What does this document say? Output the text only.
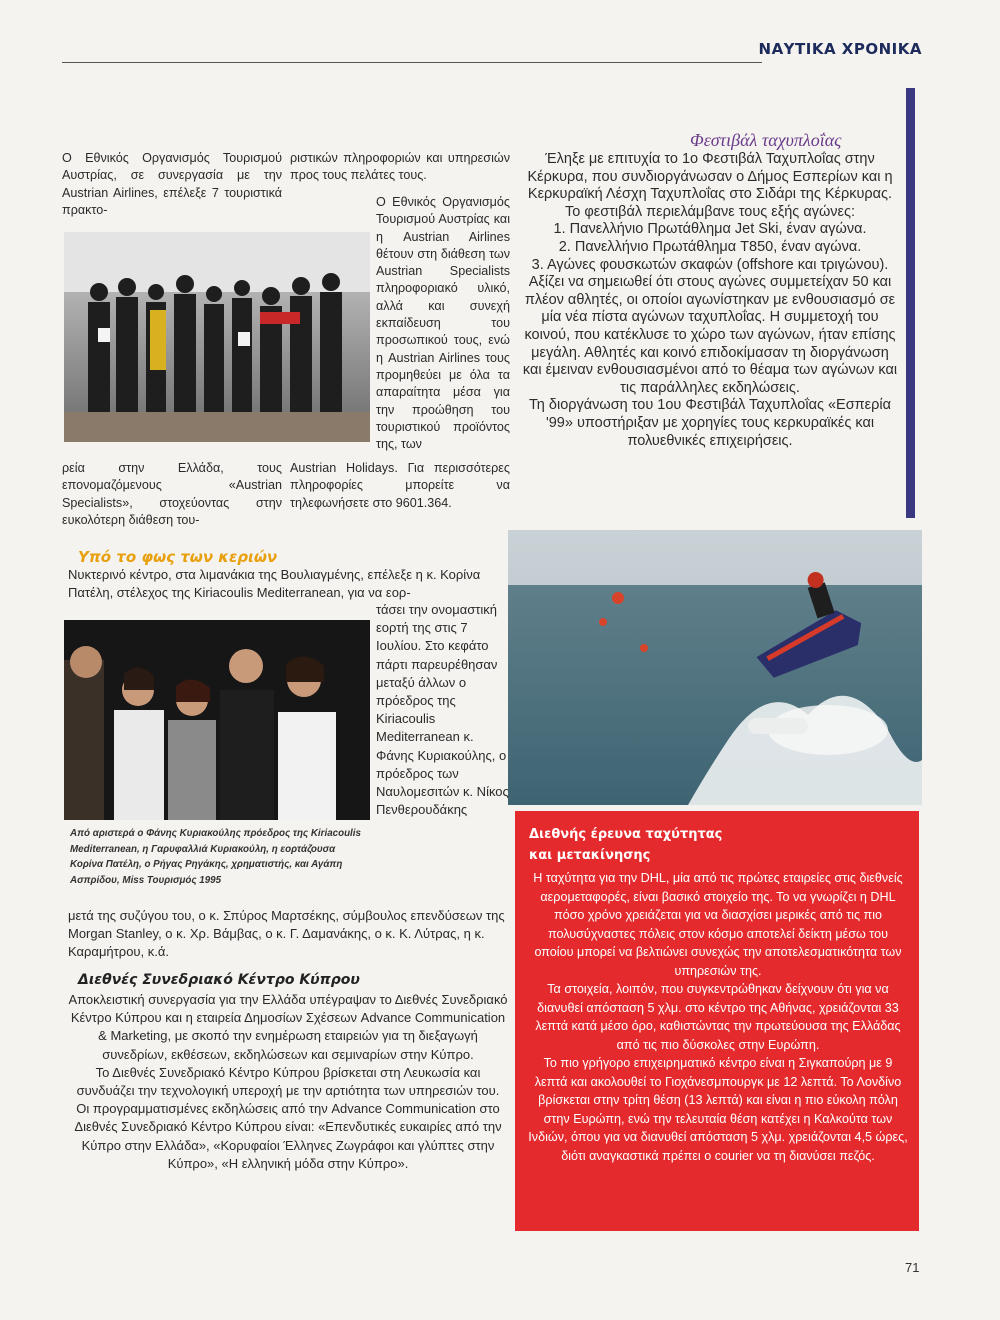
ΝΑΥΤΙΚΑ ΧΡΟΝΙΚΑ
Ο Εθνικός Οργανισμός Τουρισμού Αυστρίας, σε συνεργασία με την Austrian Airlines, επέλεξε 7 τουριστικά πρακτο-
ρεία στην Ελλάδα, τους επονομαζόμενους «Austrian Specialists», στοχεύοντας στην ευκολότερη διάθεση του-
ριστικών πληροφοριών και υπηρεσιών προς τους πελάτες τους.
Ο Εθνικός Οργανισμός Τουρισμού Αυστρίας και η Austrian Airlines θέτουν στη διάθεση των Austrian Specialists πληροφοριακό υλικό, αλλά και συνεχή εκπαίδευση του προσωπικού τους, ενώ η Austrian Airlines τους προμηθεύει με όλα τα απαραίτητα μέσα για την προώθηση του τουριστικού προϊόντος της, των
Austrian Holidays. Για περισσότερες πληροφορίες μπορείτε να τηλεφωνήσετε στο 9601.364.
Φεστιβάλ ταχυπλοΐας

Έληξε με επιτυχία το 1ο Φεστιβάλ Ταχυπλοΐας στην Κέρκυρα, που συνδιοργάνωσαν ο Δήμος Εσπερίων και η Κερκυραϊκή Λέσχη Ταχυπλοΐας στο Σιδάρι της Κέρκυρας.

Το φεστιβάλ περιελάμβανε τους εξής αγώνες:

1. Πανελλήνιο Πρωτάθλημα Jet Ski, έναν αγώνα.

2. Πανελλήνιο Πρωτάθλημα T850, έναν αγώνα.

3. Αγώνες φουσκωτών σκαφών (offshore και τριγώνου).

Αξίζει να σημειωθεί ότι στους αγώνες συμμετείχαν 50 και πλέον αθλητές, οι οποίοι αγωνίστηκαν με ενθουσιασμό σε μία νέα πίστα αγώνων ταχυπλοΐας. Η συμμετοχή του κοινού, που κατέκλυσε το χώρο των αγώνων, ήταν επίσης μεγάλη. Αθλητές και κοινό επιδοκίμασαν τη διοργάνωση και έμειναν ενθουσιασμένοι από το θέαμα των αγώνων και τις παράλληλες εκδηλώσεις.

Τη διοργάνωση του 1ου Φεστιβάλ Ταχυπλοΐας «Εσπερία '99» υποστήριξαν με χορηγίες τους κερκυραϊκές και πολυεθνικές επιχειρήσεις.

Υπό το φως των κεριών
Νυκτερινό κέντρο, στα λιμανάκια της Βουλιαγμένης, επέλεξε η κ. Κορίνα Πατέλη, στέλεχος της Kiriacoulis Mediterranean, για να εορ-
τάσει την ονομαστική εορτή της στις 7 Ιουλίου. Στο κεφάτο πάρτι παρευρέθησαν μεταξύ άλλων ο πρόεδρος της Kiriacoulis Mediterranean κ. Φάνης Κυριακούλης, ο πρόεδρος των Ναυλομεσιτών κ. Νίκος Πενθερουδάκης
μετά της συζύγου του, ο κ. Σπύρος Μαρτσέκης, σύμβουλος επενδύσεων της Morgan Stanley, ο κ. Χρ. Βάμβας, ο κ. Γ. Δαμανάκης, ο κ. Κ. Λύτρας, η κ. Καραμήτρου, κ.ά.
Από αριστερά ο Φάνης Κυριακούλης πρόεδρος της Kiriacoulis Mediterranean, η Γαρυφαλλιά Κυριακούλη, η εορτάζουσα Κορίνα Πατέλη, ο Ρήγας Ρηγάκης, χρηματιστής, και Αγάπη Ασπρίδου, Miss Τουρισμός 1995
Διεθνές Συνεδριακό Κέντρο Κύπρου

Αποκλειστική συνεργασία για την Ελλάδα υπέγραψαν το Διεθνές Συνεδριακό Κέντρο Κύπρου και η εταιρεία Δημοσίων Σχέσεων Advance Communication & Marketing, με σκοπό την ενημέρωση εταιρειών για τη διεξαγωγή συνεδρίων, εκθέσεων, εκδηλώσεων και σεμιναρίων στην Κύπρο.

Το Διεθνές Συνεδριακό Κέντρο Κύπρου βρίσκεται στη Λευκωσία και συνδυάζει την τεχνολογική υπεροχή με την αρτιότητα των υπηρεσιών του.

Οι προγραμματισμένες εκδηλώσεις από την Advance Communication στο Διεθνές Συνεδριακό Κέντρο Κύπρου είναι: «Επενδυτικές ευκαιρίες από την Κύπρο στην Ελλάδα», «Κορυφαίοι Έλληνες Ζωγράφοι και γλύπτες στην Κύπρο», «Η ελληνική μόδα στην Κύπρο».

Διεθνής έρευνα ταχύτητας
και μετακίνησης

Η ταχύτητα για την DHL, μία από τις πρώτες εταιρείες στις διεθνείς αερομεταφορές, είναι βασικό στοιχείο της. Το να γνωρίζει η DHL πόσο χρόνο χρειάζεται για να διασχίσει μερικές από τις πιο πολυσύχναστες πόλεις στον κόσμο αποτελεί δείκτη μέσω του οποίου μπορεί να βελτιώνει συνεχώς την αποτελεσματικότητα των υπηρεσιών της.

Τα στοιχεία, λοιπόν, που συγκεντρώθηκαν δείχνουν ότι για να διανυθεί απόσταση 5 χλμ. στο κέντρο της Αθήνας, χρειάζονται 33 λεπτά κατά μέσο όρο, καθιστώντας την πρωτεύουσα της Ελλάδας από τις πιο δύσκολες στην Ευρώπη.

Το πιο γρήγορο επιχειρηματικό κέντρο είναι η Σιγκαπούρη με 9 λεπτά και ακολουθεί το Γιοχάνεσμπουργκ με 12 λεπτά. Το Λονδίνο βρίσκεται στην τρίτη θέση (13 λεπτά) και είναι η πιο εύκολη πόλη στην Ευρώπη, ενώ την τελευταία θέση κατέχει η Καλκούτα των Ινδιών, όπου για να διανυθεί απόσταση 5 χλμ. χρειάζονται 4,5 ώρες, διότι αναγκαστικά πρέπει ο courier να τη διανύσει πεζός.

71
